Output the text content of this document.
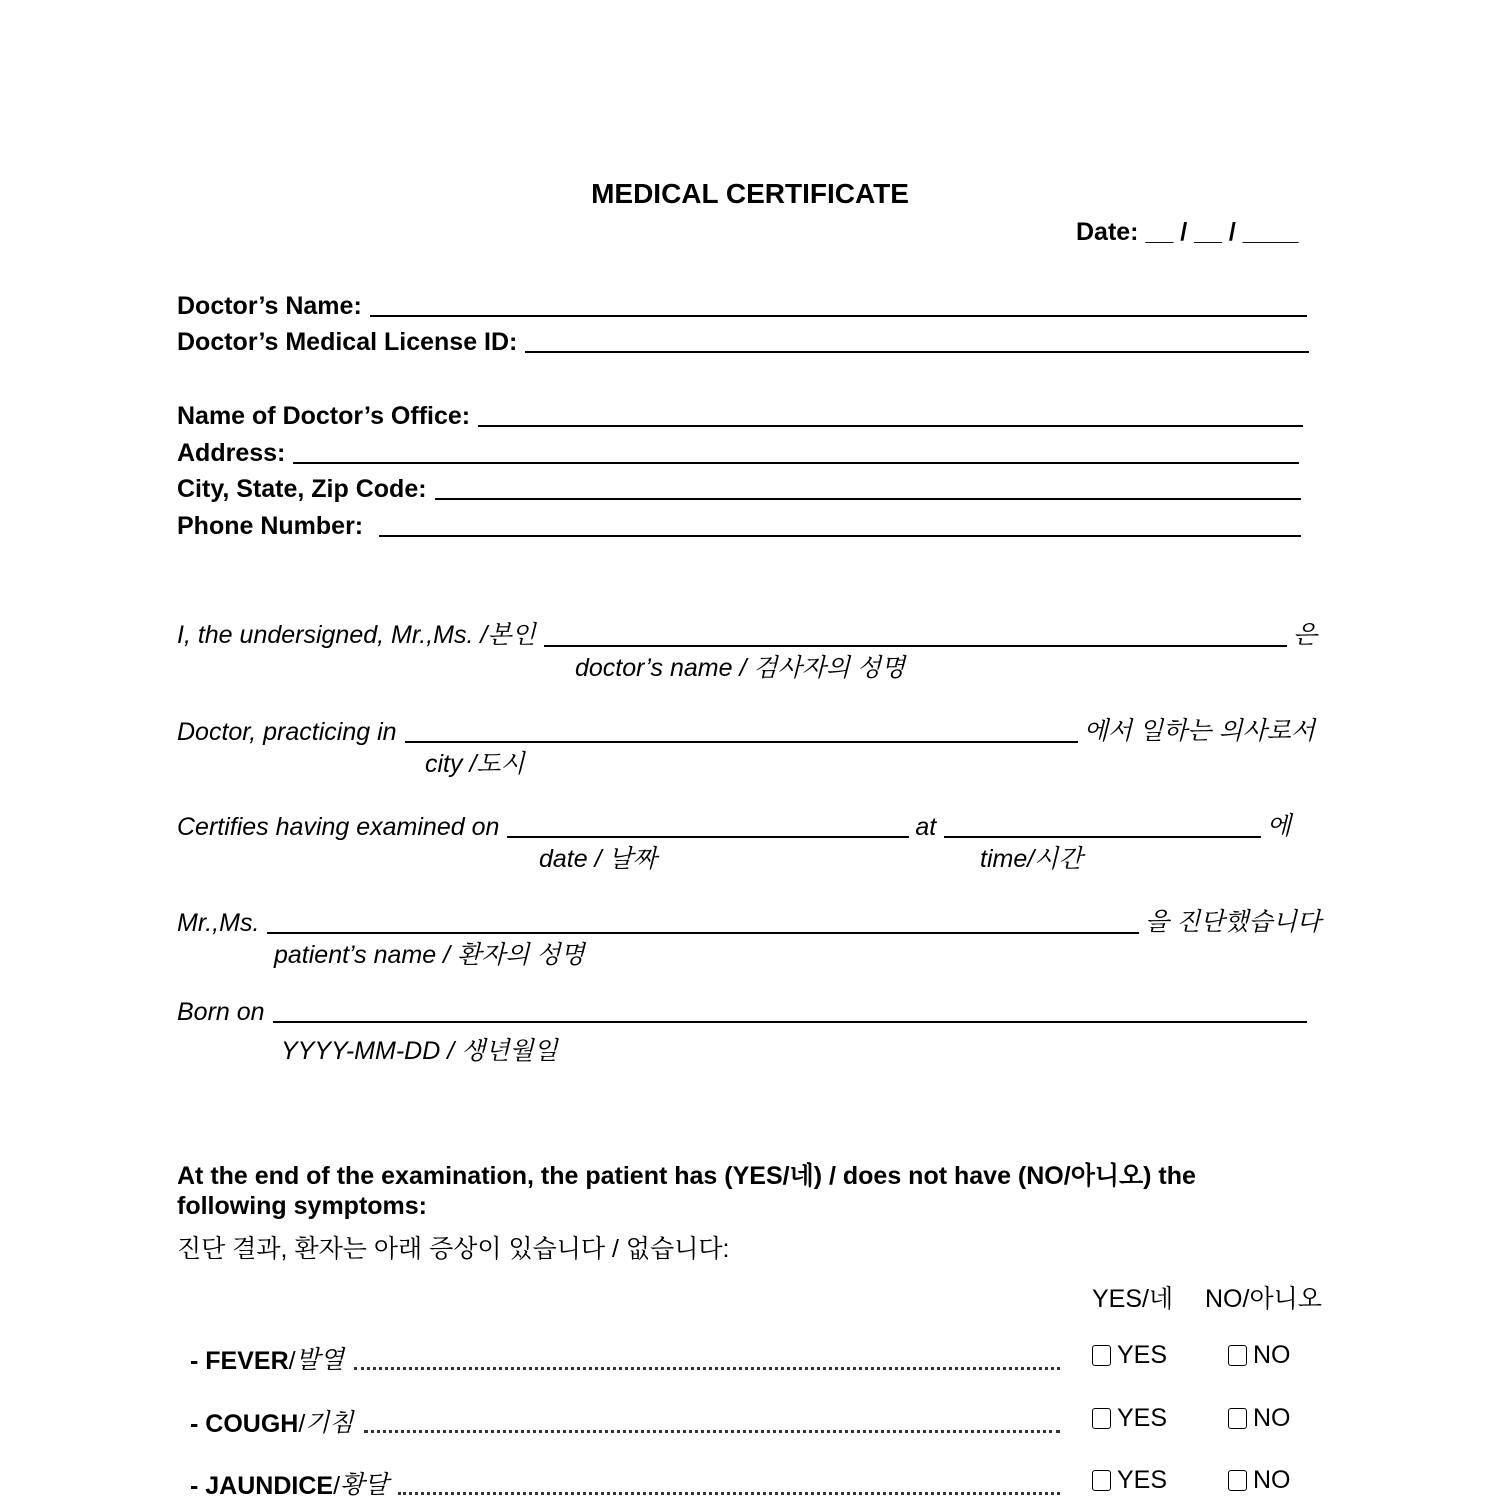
MEDICAL CERTIFICATE
Date: __ / __ / ____
Doctor’s Name:
Doctor’s Medical License ID:
Name of Doctor’s Office:
Address:
City, State, Zip Code:
Phone Number:
I, the undersigned, Mr.,Ms. /본인	은
doctor’s name / 검사자의 성명
Doctor, practicing in	에서 일하는 의사로서
city /도시
Certifies having examined on	at	에
date / 날짜	time/시간
Mr.,Ms.	을 진단했습니다
patient’s name / 환자의 성명
Born on
YYYY-MM-DD / 생년월일
At the end of the examination, the patient has (YES/네) / does not have (NO/아니오) the
following symptoms:
진단 결과, 환자는 아래 증상이 있습니다 / 없습니다:
YES/네 NO/아니오
- FEVER / 발열	YES	NO
- COUGH / 기침	YES	NO
- JAUNDICE / 황달	YES	NO
